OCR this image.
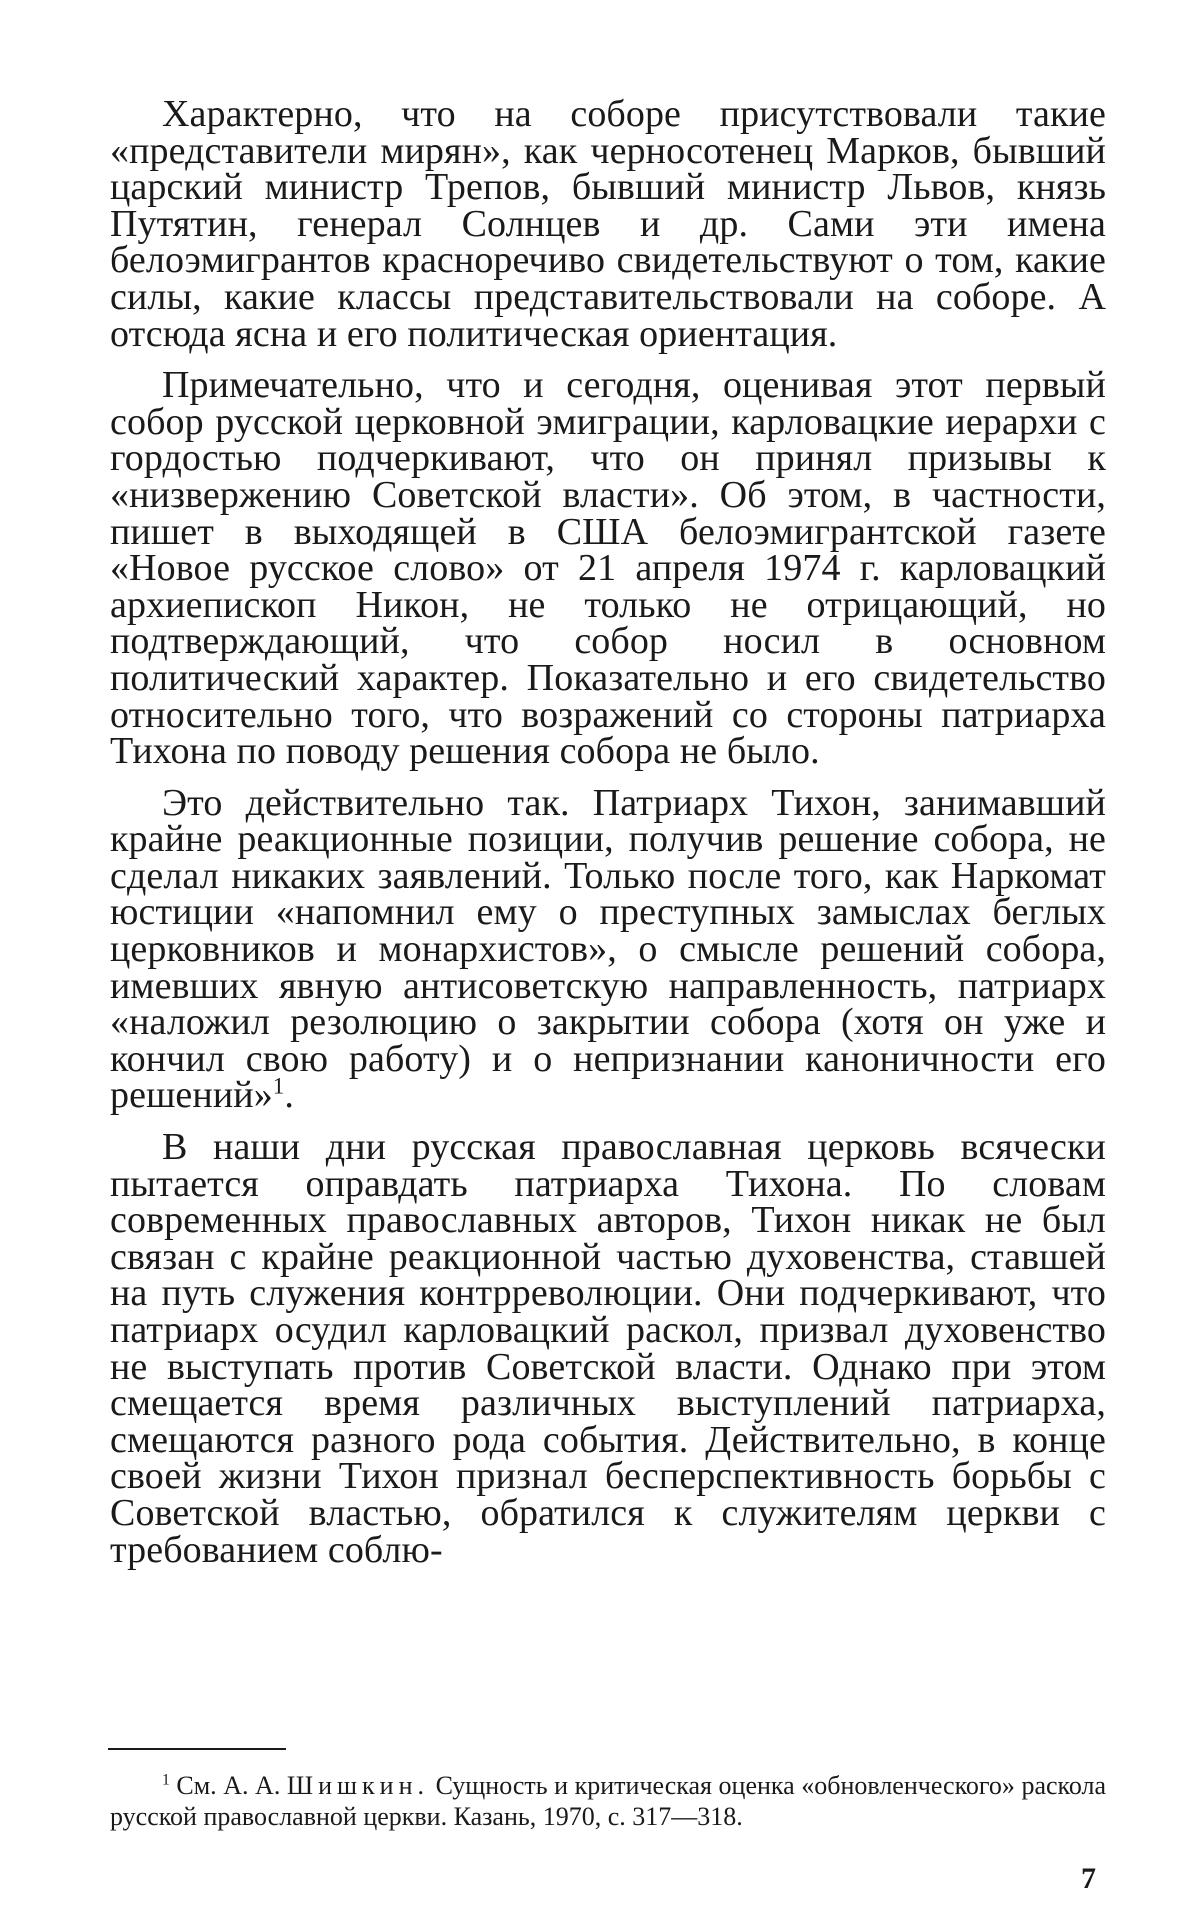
Характерно, что на соборе присутствовали такие «представители мирян», как черносотенец Марков, бывший царский министр Трепов, бывший министр Львов, князь Путятин, генерал Солнцев и др. Сами эти имена белоэмигрантов красноречиво свидетельствуют о том, какие силы, какие классы представительствовали на соборе. А отсюда ясна и его политическая ориентация.

Примечательно, что и сегодня, оценивая этот первый собор русской церковной эмиграции, карловацкие иерархи с гордостью подчеркивают, что он принял призывы к «низвержению Советской власти». Об этом, в частности, пишет в выходящей в США белоэмигрантской газете «Новое русское слово» от 21 апреля 1974 г. карловацкий архиепископ Никон, не только не отрицающий, но подтверждающий, что собор носил в основном политический характер. Показательно и его свидетельство относительно того, что возражений со стороны патриарха Тихона по поводу решения собора не было.

Это действительно так. Патриарх Тихон, занимавший крайне реакционные позиции, получив решение собора, не сделал никаких заявлений. Только после того, как Наркомат юстиции «напомнил ему о преступных замыслах беглых церковников и монархистов», о смысле решений собора, имевших явную антисоветскую направленность, патриарх «наложил резолюцию о закрытии собора (хотя он уже и кончил свою работу) и о непризнании каноничности его решений»$^1$.

В наши дни русская православная церковь всячески пытается оправдать патриарха Тихона. По словам современных православных авторов, Тихон никак не был связан с крайне реакционной частью духовенства, ставшей на путь служения контрреволюции. Они подчеркивают, что патриарх осудил карловацкий раскол, призвал духовенство не выступать против Советской власти. Однако при этом смещается время различных выступлений патриарха, смещаются разного рода события. Действительно, в конце своей жизни Тихон признал бесперспективность борьбы с Советской властью, обратился к служителям церкви с требованием соблю-

$^1$ См. А. А. Шишкин. Сущность и критическая оценка «обновленческого» раскола русской православной церкви. Казань, 1970, с. 317—318.
7
